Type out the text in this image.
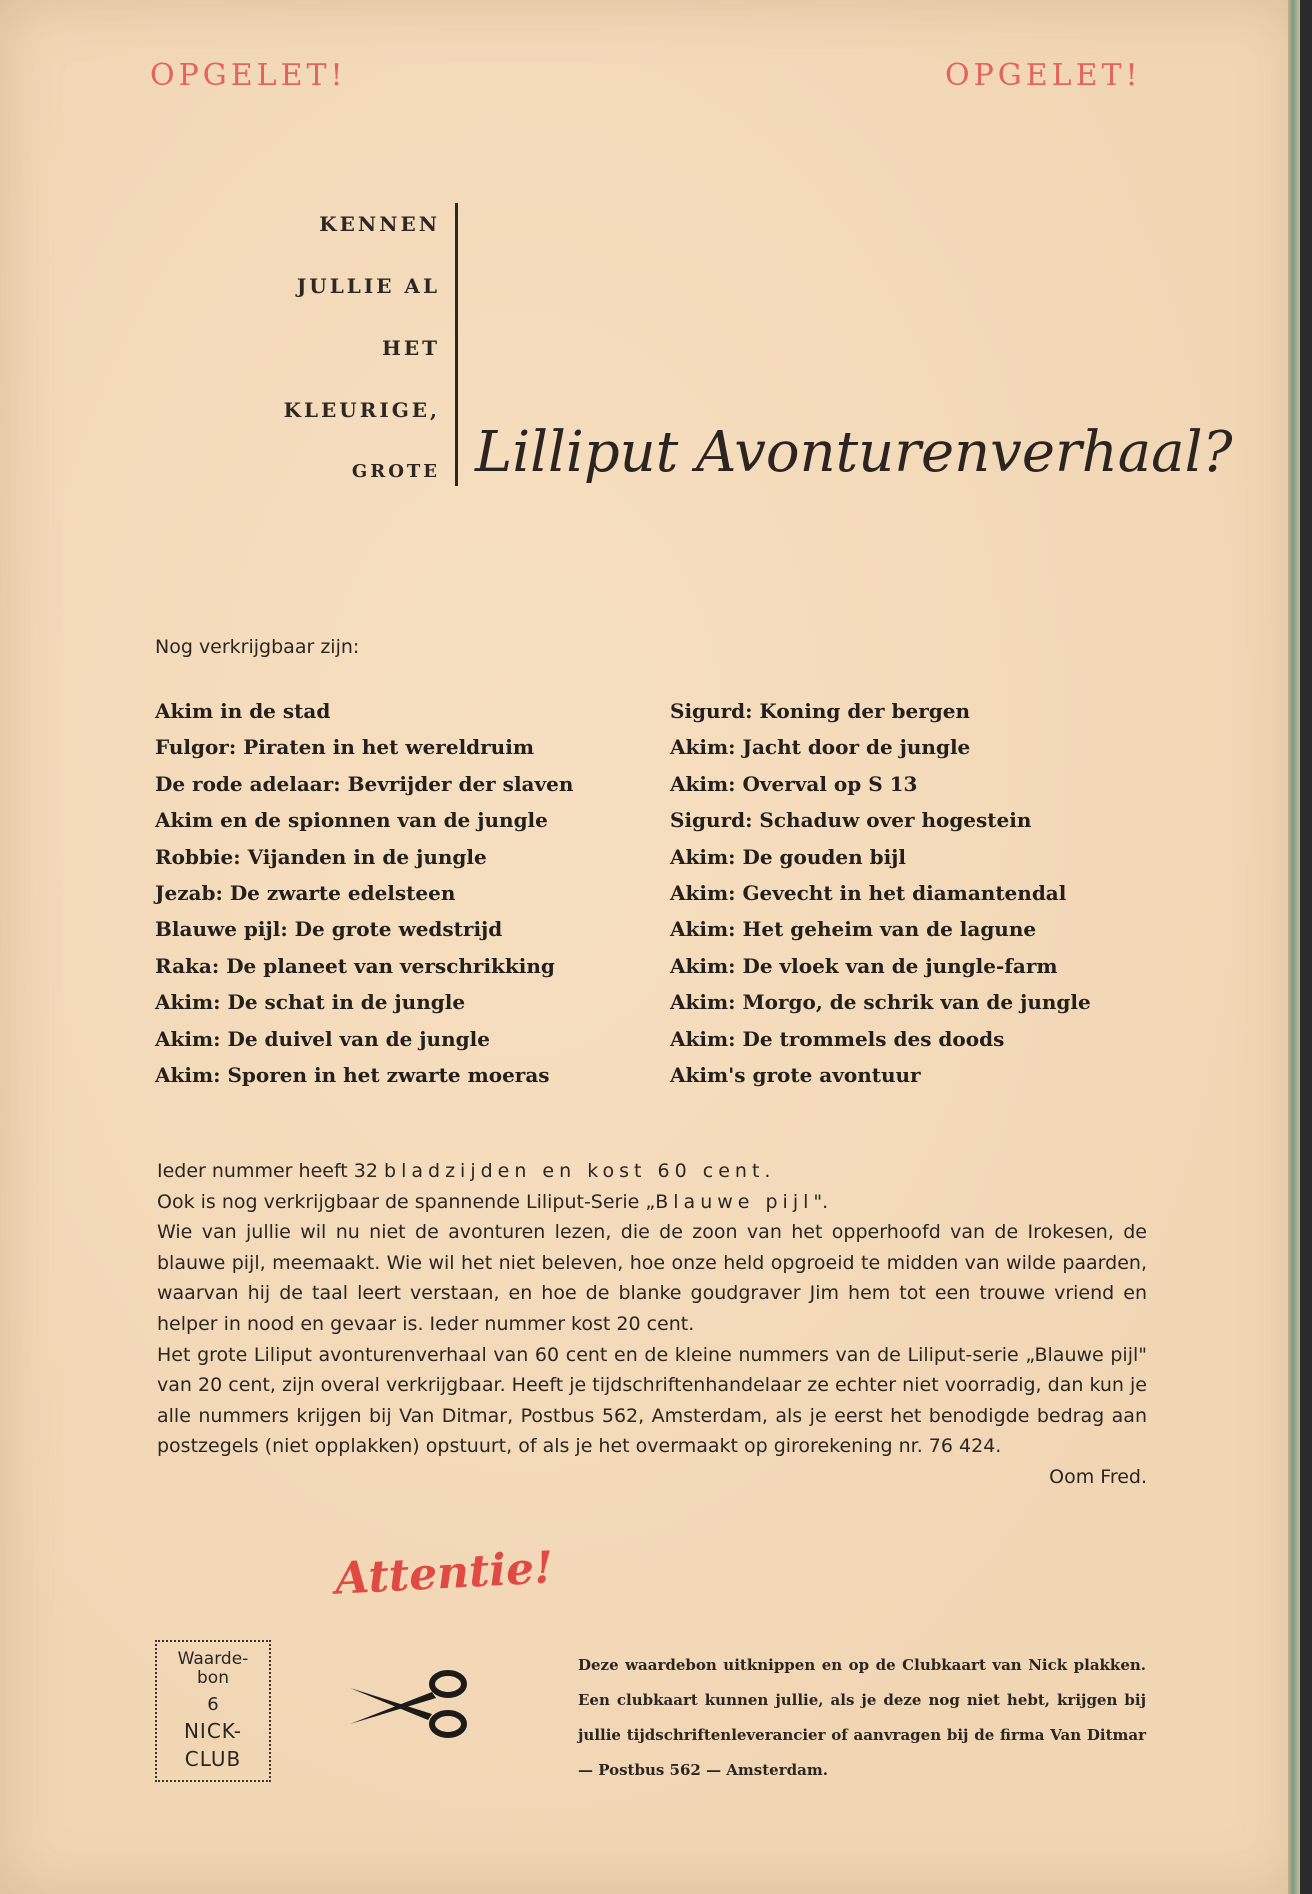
OPGELET!	OPGELET!
KENNEN
JULLIE AL
HET
KLEURIGE,
GROTE Lilliput Avonturenverhaal?
Nog verkrijgbaar zijn:
Akim in de stad
Fulgor: Piraten in het wereldruim
De rode adelaar: Bevrijder der slaven
Akim en de spionnen van de jungle
Robbie: Vijanden in de jungle
Jezab: De zwarte edelsteen
Blauwe pijl: De grote wedstrijd
Raka: De planeet van verschrikking
Akim: De schat in de jungle
Akim: De duivel van de jungle
Akim: Sporen in het zwarte moeras
Sigurd: Koning der bergen
Akim: Jacht door de jungle
Akim: Overval op S 13
Sigurd: Schaduw over hogestein
Akim: De gouden bijl
Akim: Gevecht in het diamantendal
Akim: Het geheim van de lagune
Akim: De vloek van de jungle-farm
Akim: Morgo, de schrik van de jungle
Akim: De trommels des doods
Akim's grote avontuur

Ieder nummer heeft 32 bladzijden en kost 60 cent.

Ook is nog verkrijgbaar de spannende Liliput-Serie „Blauwe pijl".

Wie van jullie wil nu niet de avonturen lezen, die de zoon van het opperhoofd van de Irokesen, de blauwe pijl, meemaakt. Wie wil het niet beleven, hoe onze held opgroeid te midden van wilde paarden, waarvan hij de taal leert verstaan, en hoe de blanke goudgraver Jim hem tot een trouwe vriend en helper in nood en gevaar is. Ieder nummer kost 20 cent.

Het grote Liliput avonturenverhaal van 60 cent en de kleine nummers van de Liliput-serie „Blauwe pijl" van 20 cent, zijn overal verkrijgbaar. Heeft je tijdschriftenhandelaar ze echter niet voorradig, dan kun je alle nummers krijgen bij Van Ditmar, Postbus 562, Amsterdam, als je eerst het benodigde bedrag aan postzegels (niet opplakken) opstuurt, of als je het overmaakt op girorekening nr. 76 424.

Oom Fred.

Attentie!
Waarde-
bon
6
NICK-
CLUB
Deze waardebon uitknippen en op de Clubkaart van Nick plakken. Een clubkaart kunnen jullie, als je deze nog niet hebt, krijgen bij jullie tijdschriftenleverancier of aanvragen bij de firma Van Ditmar — Postbus 562 — Amsterdam.
